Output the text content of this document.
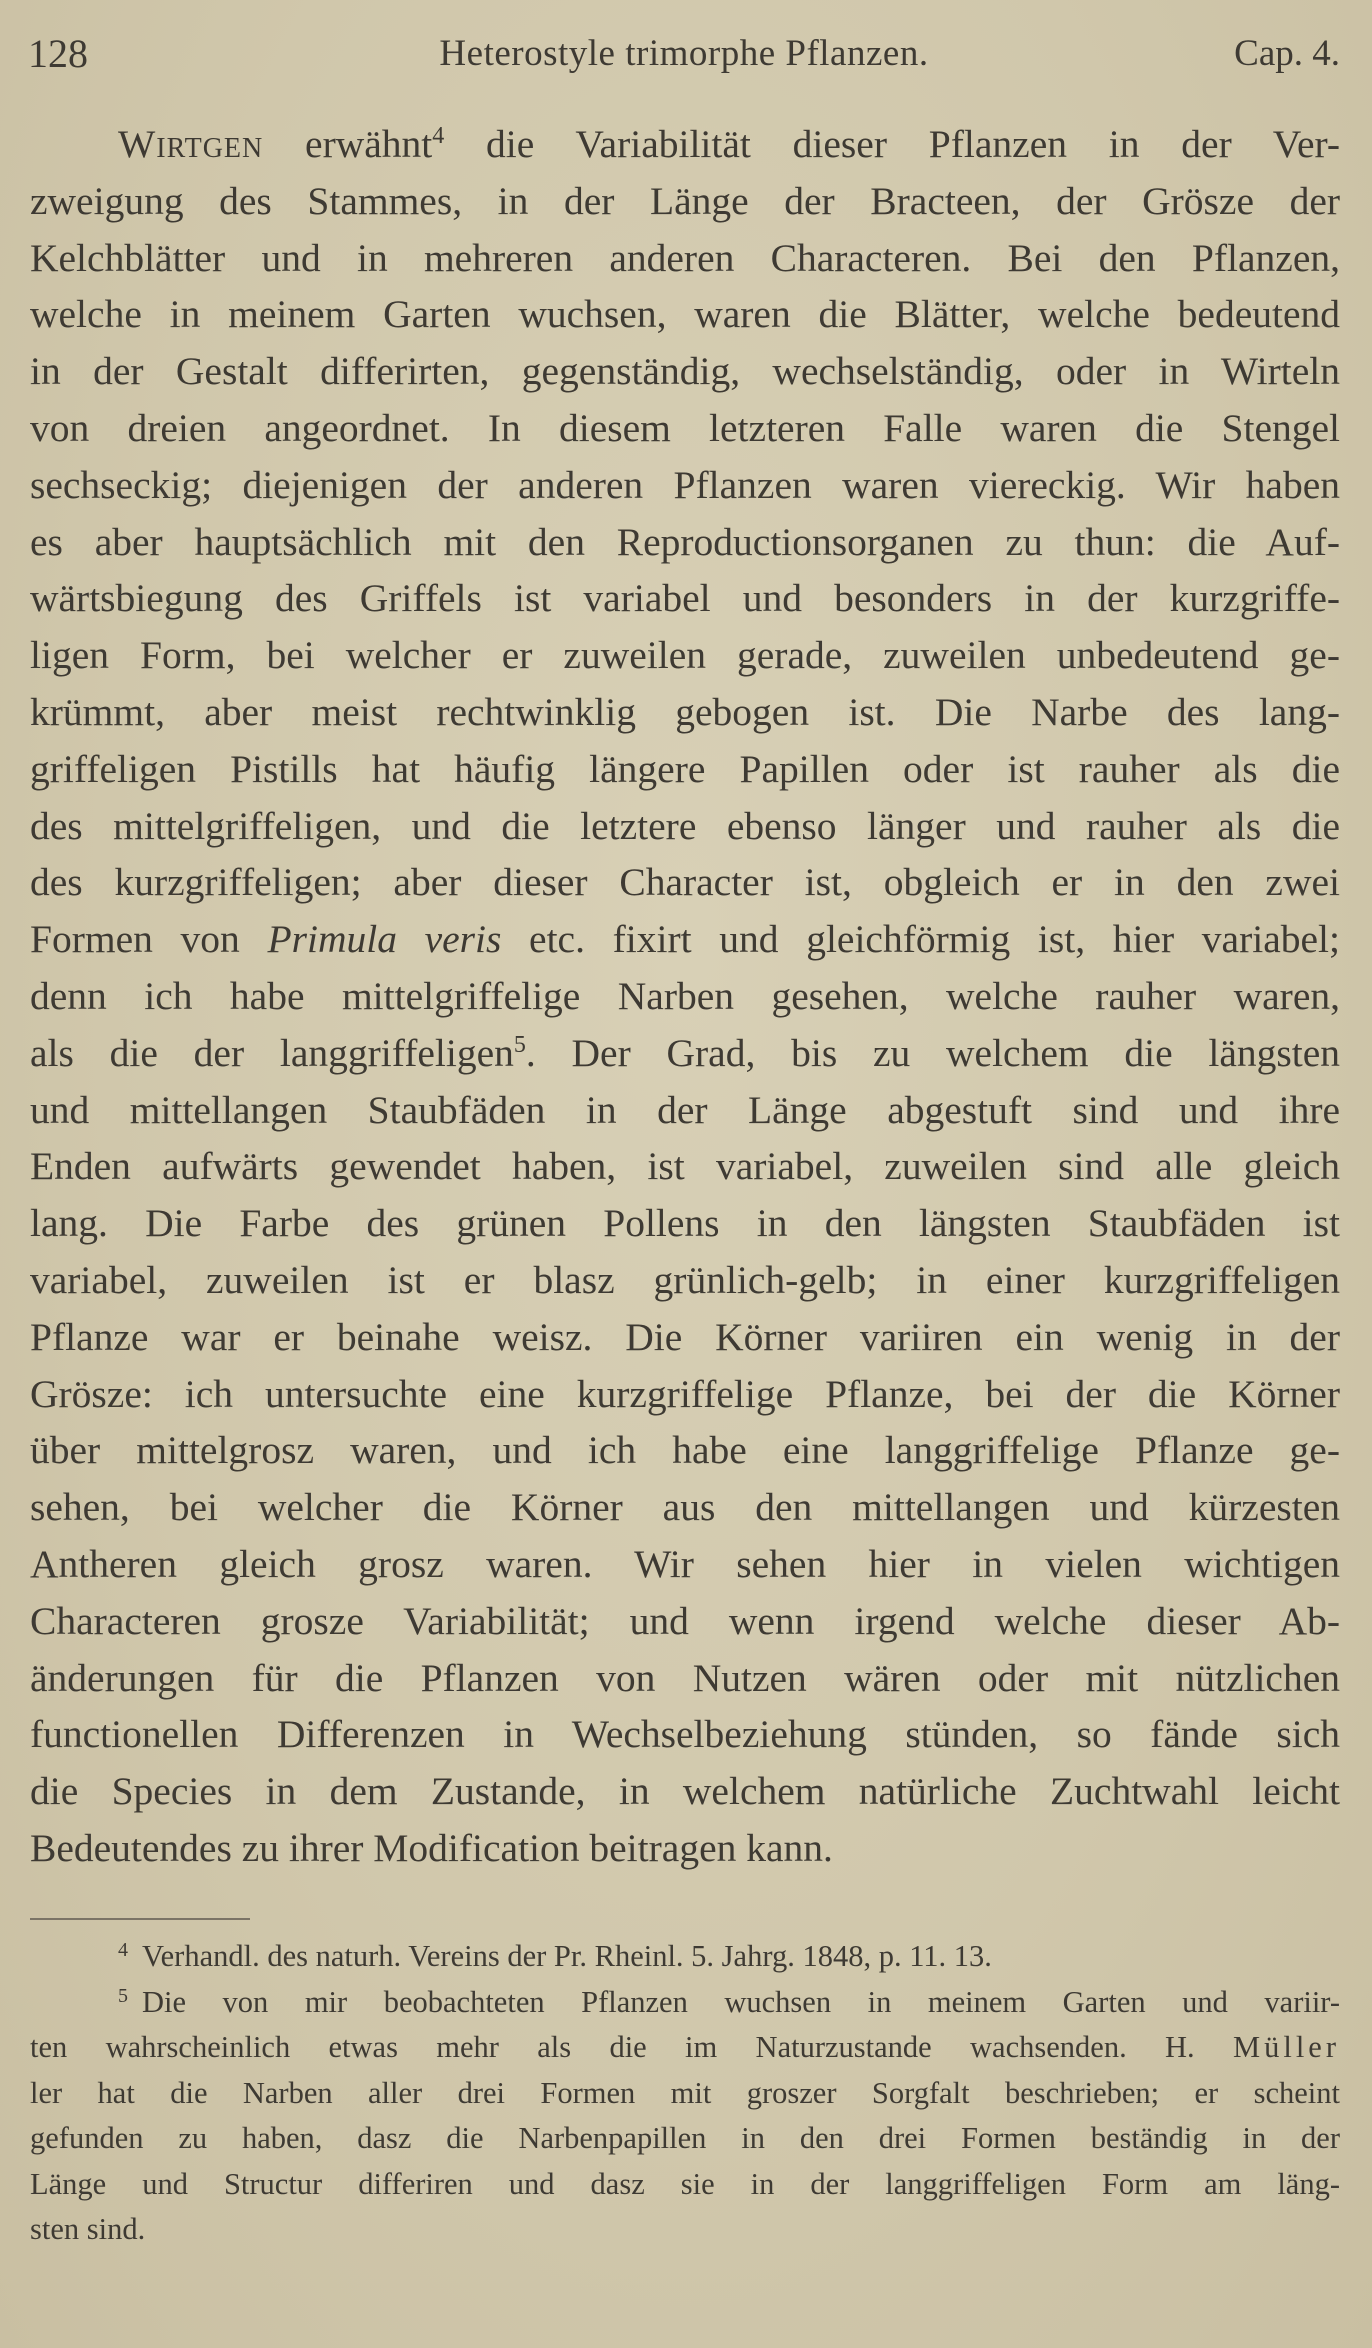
128	Heterostyle trimorphe Pflanzen.	Cap. 4.
Wirtgen erwähnt$^4$ die Variabilität dieser Pflanzen in der Ver-
zweigung des Stammes, in der Länge der Bracteen, der Grösze der
Kelchblätter und in mehreren anderen Characteren. Bei den Pflanzen,
welche in meinem Garten wuchsen, waren die Blätter, welche bedeutend
in der Gestalt differirten, gegenständig, wechselständig, oder in Wirteln
von dreien angeordnet. In diesem letzteren Falle waren die Stengel
sechseckig; diejenigen der anderen Pflanzen waren viereckig. Wir haben
es aber hauptsächlich mit den Reproductionsorganen zu thun: die Auf-
wärtsbiegung des Griffels ist variabel und besonders in der kurzgriffe-
ligen Form, bei welcher er zuweilen gerade, zuweilen unbedeutend ge-
krümmt, aber meist rechtwinklig gebogen ist. Die Narbe des lang-
griffeligen Pistills hat häufig längere Papillen oder ist rauher als die
des mittelgriffeligen, und die letztere ebenso länger und rauher als die
des kurzgriffeligen; aber dieser Character ist, obgleich er in den zwei
Formen von Primula veris etc. fixirt und gleichförmig ist, hier variabel;
denn ich habe mittelgriffelige Narben gesehen, welche rauher waren,
als die der langgriffeligen$^5$. Der Grad, bis zu welchem die längsten
und mittellangen Staubfäden in der Länge abgestuft sind und ihre
Enden aufwärts gewendet haben, ist variabel, zuweilen sind alle gleich
lang. Die Farbe des grünen Pollens in den längsten Staubfäden ist
variabel, zuweilen ist er blasz grünlich-gelb; in einer kurzgriffeligen
Pflanze war er beinahe weisz. Die Körner variiren ein wenig in der
Grösze: ich untersuchte eine kurzgriffelige Pflanze, bei der die Körner
über mittelgrosz waren, und ich habe eine langgriffelige Pflanze ge-
sehen, bei welcher die Körner aus den mittellangen und kürzesten
Antheren gleich grosz waren. Wir sehen hier in vielen wichtigen
Characteren grosze Variabilität; und wenn irgend welche dieser Ab-
änderungen für die Pflanzen von Nutzen wären oder mit nützlichen
functionellen Differenzen in Wechselbeziehung stünden, so fände sich
die Species in dem Zustande, in welchem natürliche Zuchtwahl leicht
Bedeutendes zu ihrer Modification beitragen kann.
$^4$ Verhandl. des naturh. Vereins der Pr. Rheinl. 5. Jahrg. 1848, p. 11. 13.
$^5$ Die von mir beobachteten Pflanzen wuchsen in meinem Garten und variir-
ten wahrscheinlich etwas mehr als die im Naturzustande wachsenden. H. Müller
ler hat die Narben aller drei Formen mit groszer Sorgfalt beschrieben; er scheint
gefunden zu haben, dasz die Narbenpapillen in den drei Formen beständig in der
Länge und Structur differiren und dasz sie in der langgriffeligen Form am läng-
sten sind.
